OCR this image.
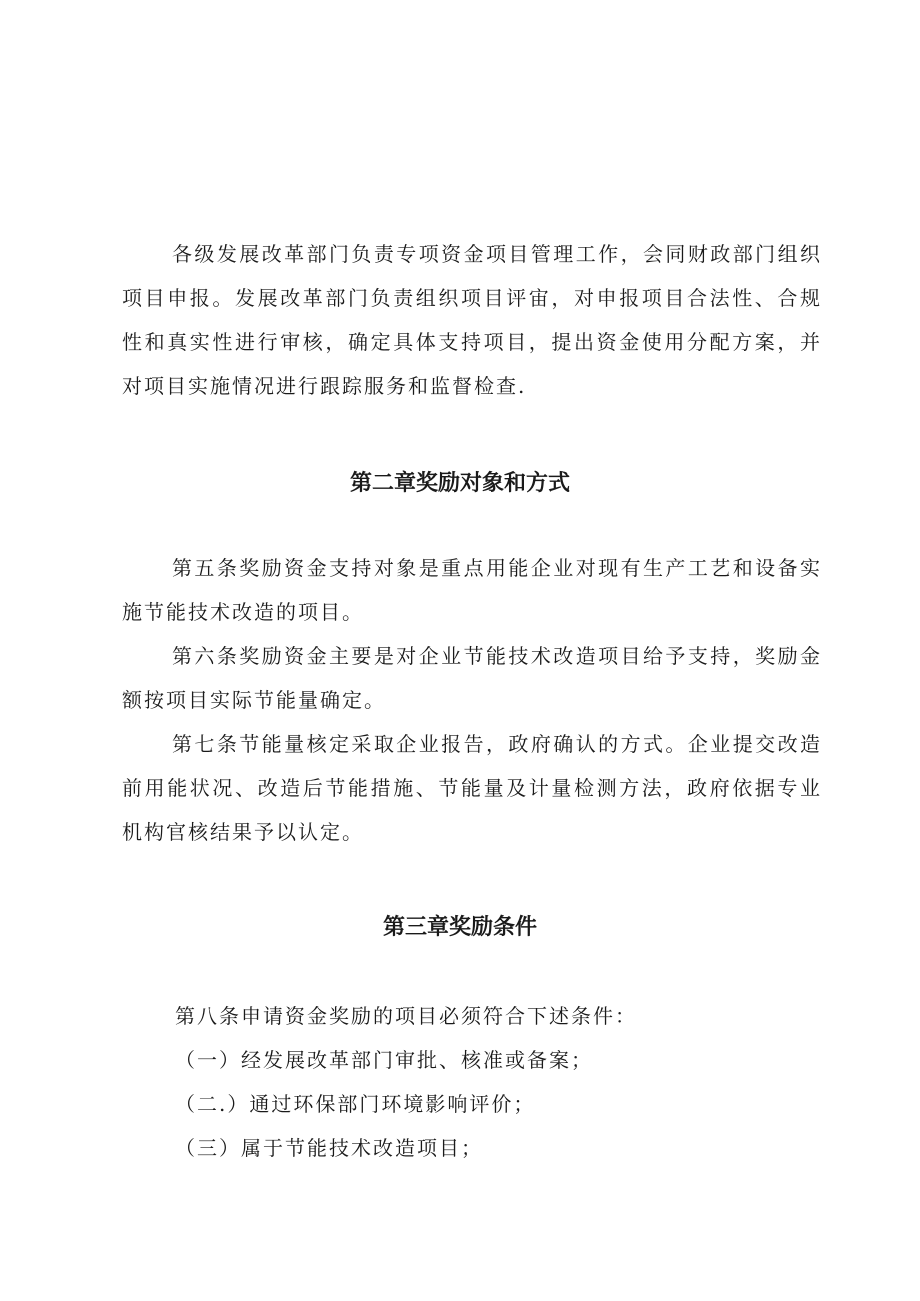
各级发展改革部门负责专项资金项目管理工作，会同财政部门组织项目申报。发展改革部门负责组织项目评宙，对申报项目合法性、合规性和真实性进行审核，确定具体支持项目，提出资金使用分配方案，并对项目实施情况进行跟踪服务和监督检查.

第二章奖励对象和方式

第五条奖励资金支持对象是重点用能企业对现有生产工艺和设备实施节能技术改造的项目。

第六条奖励资金主要是对企业节能技术改造项目给予支持，奖励金额按项目实际节能量确定。

第七条节能量核定采取企业报告，政府确认的方式。企业提交改造前用能状况、改造后节能措施、节能量及计量检测方法，政府依据专业机构官核结果予以认定。

第三章奖励条件

第八条申请资金奖励的项目必须符合下述条件：

（一）经发展改革部门审批、核准或备案；

（二.）通过环保部门环境影响评价；

（三）属于节能技术改造项目；
